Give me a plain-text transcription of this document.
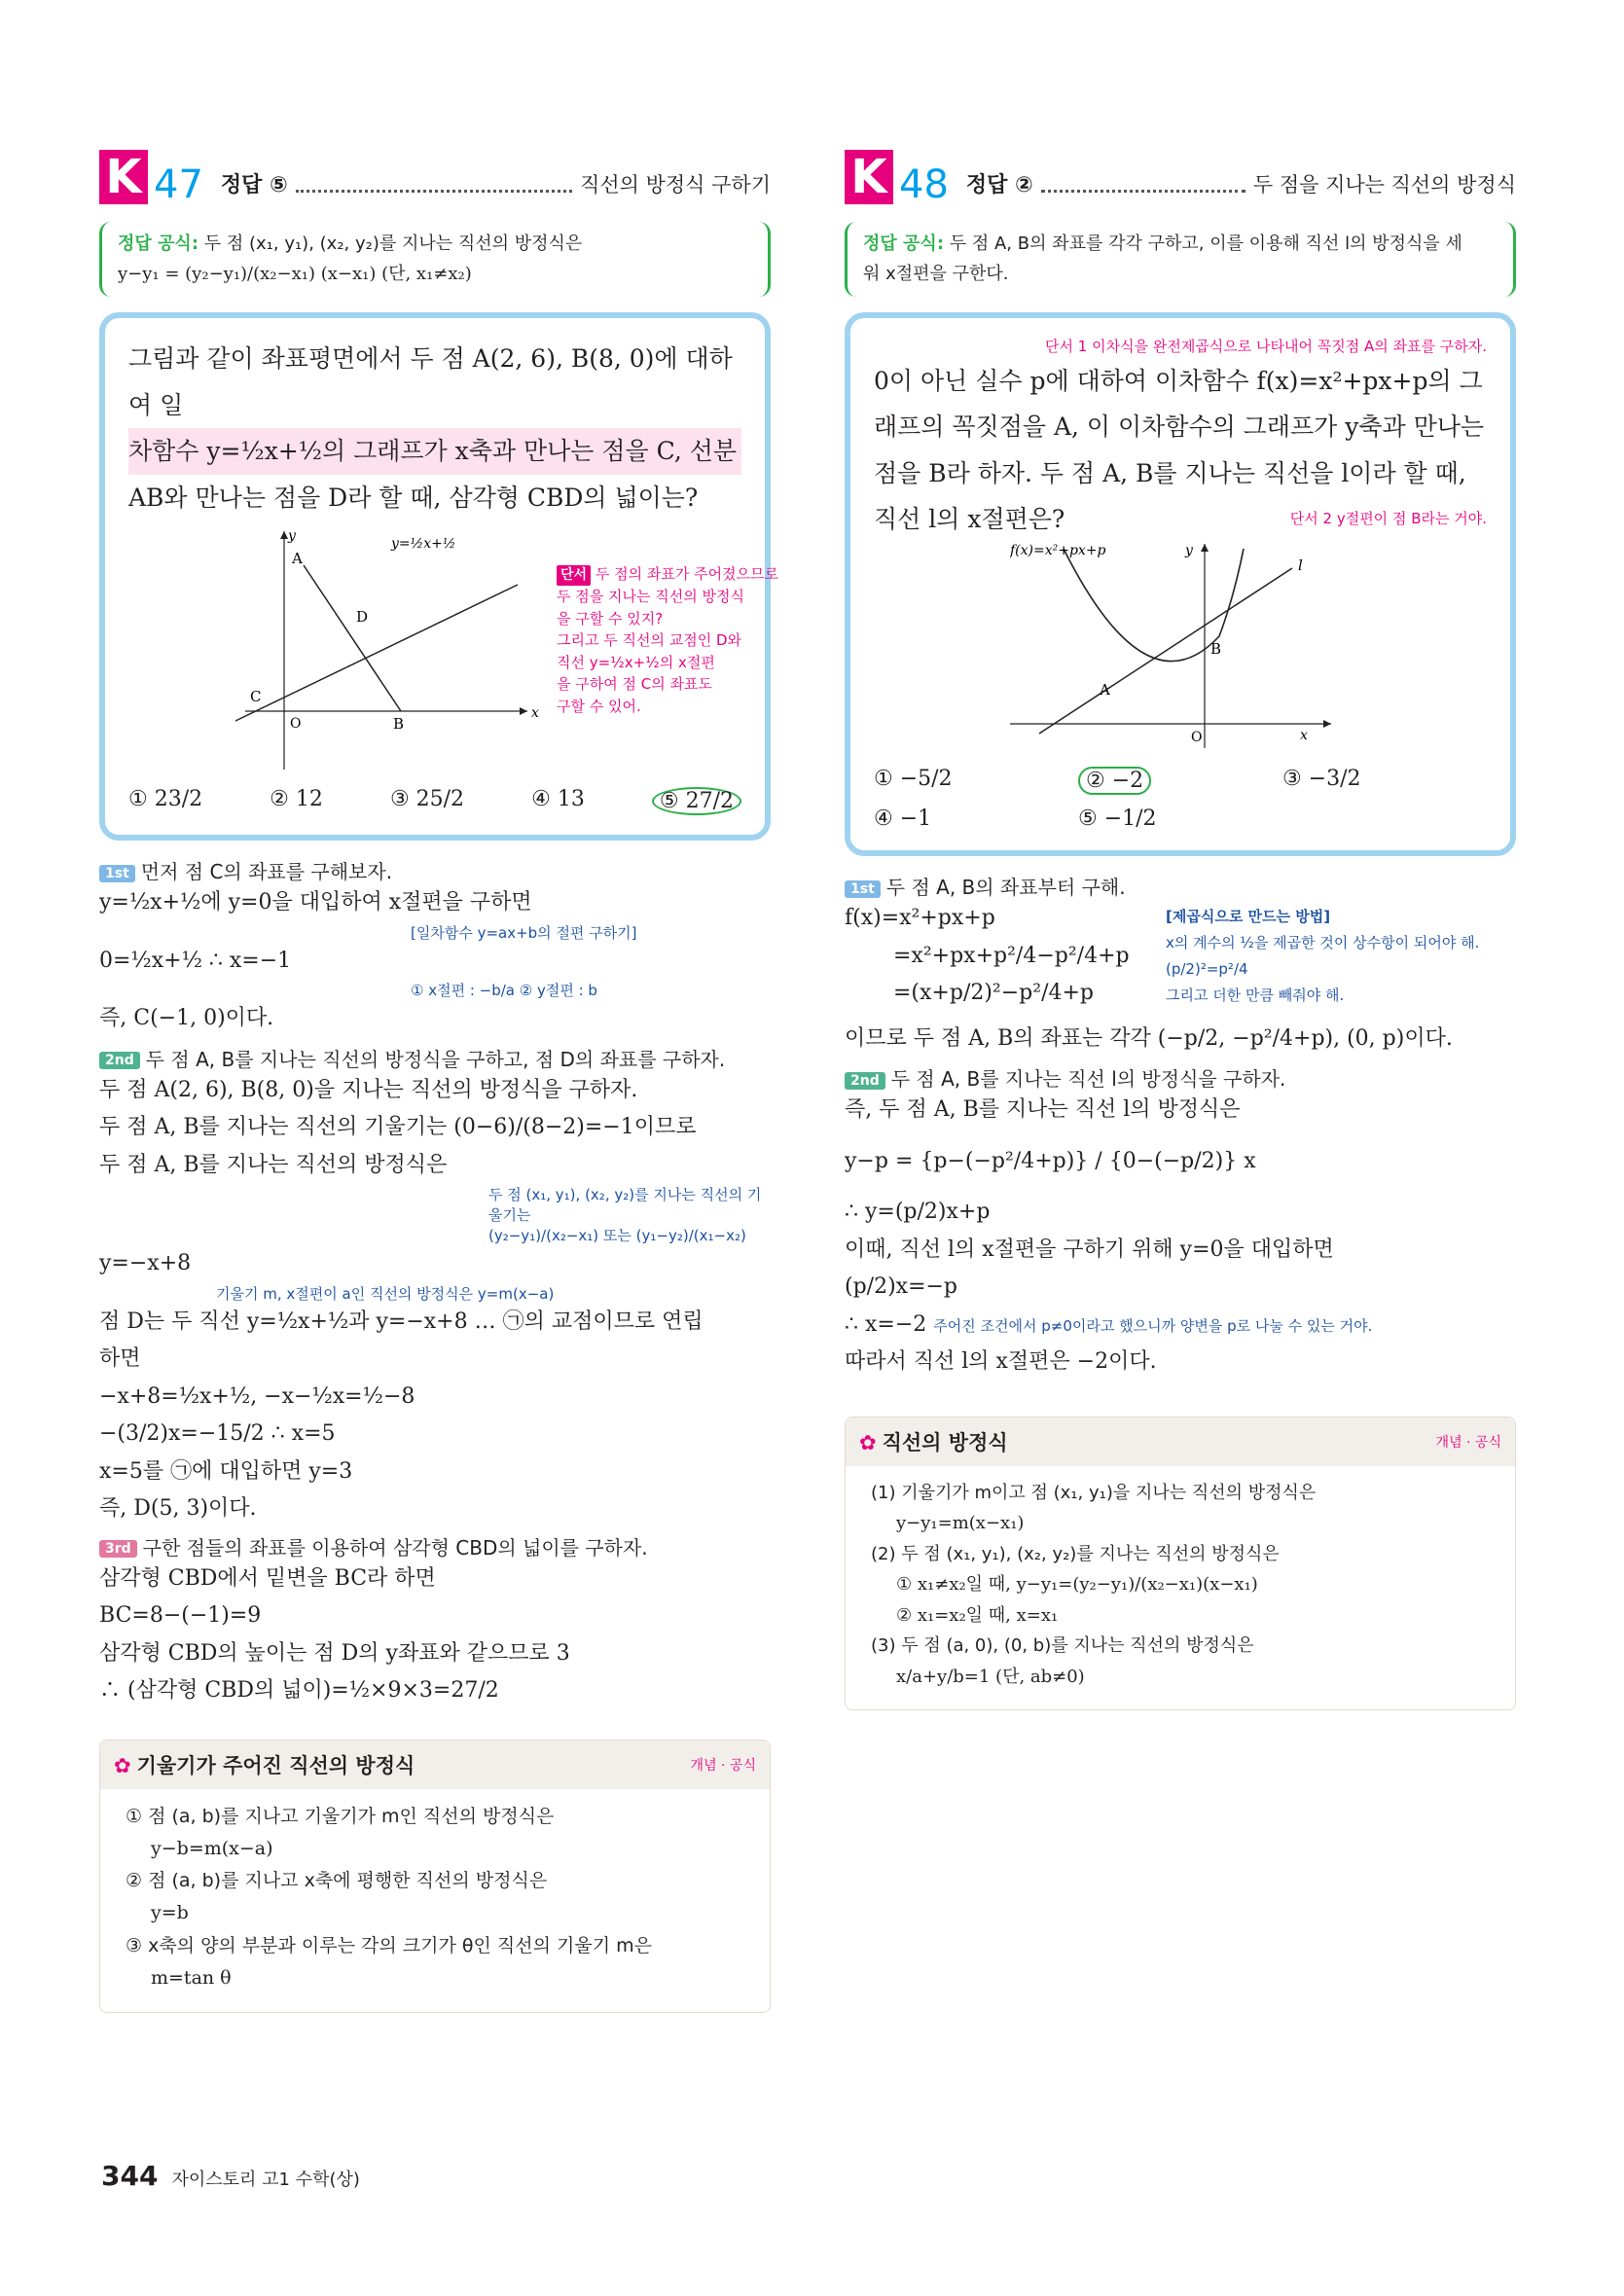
K 47 정답 ⑤	직선의 방정식 구하기
정답 공식: 두 점 (x₁, y₁), (x₂, y₂)를 지나는 직선의 방정식은
y−y₁ = (y₂−y₁)/(x₂−x₁) (x−x₁) (단, x₁≠x₂)
그림과 같이 좌표평면에서 두 점 A(2, 6), B(8, 0)에 대하여 일
차함수 y=½x+½의 그래프가 x축과 만나는 점을 C, 선분
AB와 만나는 점을 D라 할 때, 삼각형 CBD의 넓이는?
A
B
C
D
O
x
y	y=½x+½
단서 두 점의 좌표가 주어졌으므로
두 점을 지나는 직선의 방정식
을 구할 수 있지?
그리고 두 직선의 교점인 D와
직선 y=½x+½의 x절편
을 구하여 점 C의 좌표도
구할 수 있어.
① 23/2	② 12	③ 25/2	④ 13	⑤ 27/2
1st 먼저 점 C의 좌표를 구해보자.
y=½x+½에 y=0을 대입하여 x절편을 구하면
[일차함수 y=ax+b의 절편 구하기]
0=½x+½ ∴ x=−1
① x절편 : −b/a ② y절편 : b
즉, C(−1, 0)이다.
2nd 두 점 A, B를 지나는 직선의 방정식을 구하고, 점 D의 좌표를 구하자.
두 점 A(2, 6), B(8, 0)을 지나는 직선의 방정식을 구하자.
두 점 A, B를 지나는 직선의 기울기는 (0−6)/(8−2)=−1이므로
두 점 A, B를 지나는 직선의 방정식은
두 점 (x₁, y₁), (x₂, y₂)를 지나는 직선의 기울기는
(y₂−y₁)/(x₂−x₁) 또는 (y₁−y₂)/(x₁−x₂)
y=−x+8
기울기 m, x절편이 a인 직선의 방정식은 y=m(x−a)
점 D는 두 직선 y=½x+½과 y=−x+8 … ㉠의 교점이므로 연립
하면
−x+8=½x+½, −x−½x=½−8
−(3/2)x=−15/2 ∴ x=5
x=5를 ㉠에 대입하면 y=3
즉, D(5, 3)이다.
3rd 구한 점들의 좌표를 이용하여 삼각형 CBD의 넓이를 구하자.
삼각형 CBD에서 밑변을 BC라 하면
BC=8−(−1)=9
삼각형 CBD의 높이는 점 D의 y좌표와 같으므로 3
∴ (삼각형 CBD의 넓이)=½×9×3=27/2
✿ 기울기가 주어진 직선의 방정식	개념 · 공식
① 점 (a, b)를 지나고 기울기가 m인 직선의 방정식은
y−b=m(x−a)
② 점 (a, b)를 지나고 x축에 평행한 직선의 방정식은
y=b
③ x축의 양의 부분과 이루는 각의 크기가 θ인 직선의 기울기 m은
m=tan θ
K 48 정답 ②	두 점을 지나는 직선의 방정식
정답 공식: 두 점 A, B의 좌표를 각각 구하고, 이를 이용해 직선 l의 방정식을 세
워 x절편을 구한다.
단서 1 이차식을 완전제곱식으로 나타내어 꼭짓점 A의 좌표를 구하자.
0이 아닌 실수 p에 대하여 이차함수 f(x)=x²+px+p의 그
래프의 꼭짓점을 A, 이 이차함수의 그래프가 y축과 만나는
점을 B라 하자. 두 점 A, B를 지나는 직선을 l이라 할 때,
직선 l의 x절편은?	단서 2 y절편이 점 B라는 거야.
A
B
O
l
x
y
f(x)=x²+px+p
① −5/2	② −2	③ −3/2
④ −1	⑤ −1/2
1st 두 점 A, B의 좌표부터 구해.
f(x)=x²+px+p
=x²+px+p²/4−p²/4+p
=(x+p/2)²−p²/4+p
[제곱식으로 만드는 방법]
x의 계수의 ½을 제곱한 것이 상수항이 되어야 해.
(p/2)²=p²/4
그리고 더한 만큼 빼줘야 해.
이므로 두 점 A, B의 좌표는 각각 (−p/2, −p²/4+p), (0, p)이다.
2nd 두 점 A, B를 지나는 직선 l의 방정식을 구하자.
즉, 두 점 A, B를 지나는 직선 l의 방정식은
y−p = {p−(−p²/4+p)} / {0−(−p/2)} x
∴ y=(p/2)x+p
이때, 직선 l의 x절편을 구하기 위해 y=0을 대입하면
(p/2)x=−p
∴ x=−2 주어진 조건에서 p≠0이라고 했으니까 양변을 p로 나눌 수 있는 거야.
따라서 직선 l의 x절편은 −2이다.
✿ 직선의 방정식	개념 · 공식
(1) 기울기가 m이고 점 (x₁, y₁)을 지나는 직선의 방정식은
y−y₁=m(x−x₁)
(2) 두 점 (x₁, y₁), (x₂, y₂)를 지나는 직선의 방정식은
① x₁≠x₂일 때, y−y₁=(y₂−y₁)/(x₂−x₁)(x−x₁)
② x₁=x₂일 때, x=x₁
(3) 두 점 (a, 0), (0, b)를 지나는 직선의 방정식은
x/a+y/b=1 (단, ab≠0)
344 자이스토리 고1 수학(상)
